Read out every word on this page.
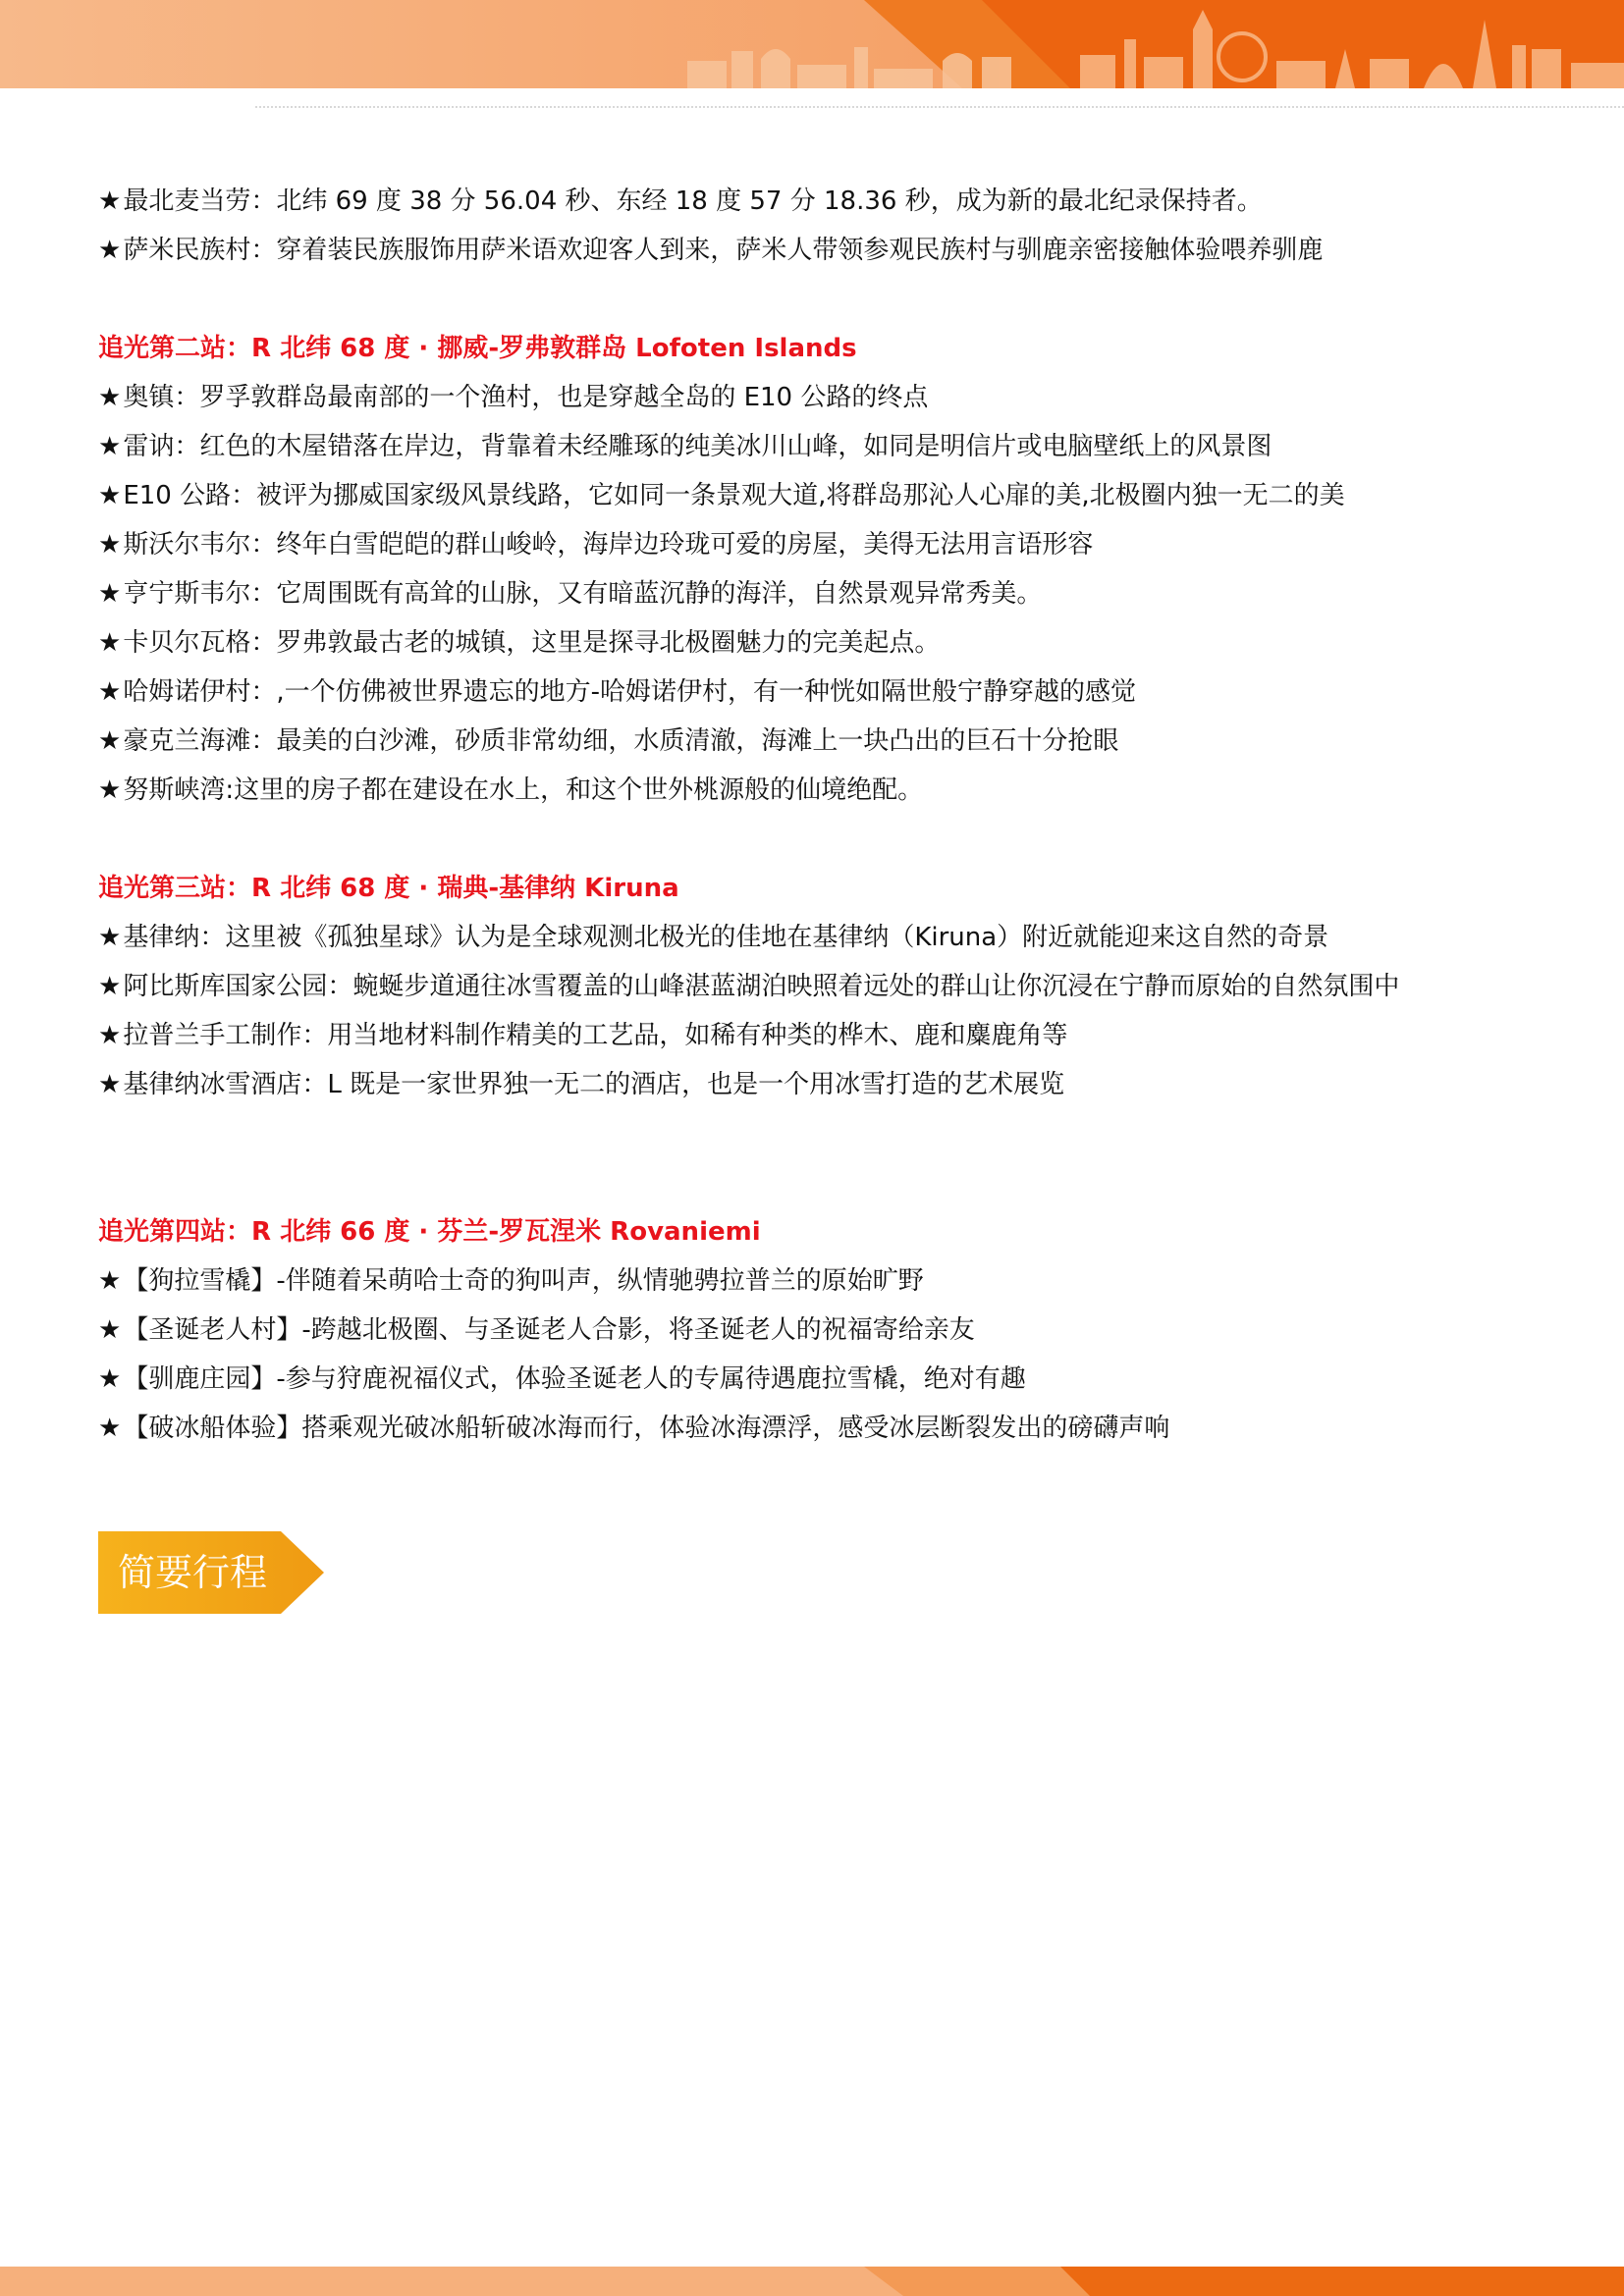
★最北麦当劳：北纬 69 度 38 分 56.04 秒、东经 18 度 57 分 18.36 秒，成为新的最北纪录保持者。
★萨米民族村：穿着装民族服饰用萨米语欢迎客人到来，萨米人带领参观民族村与驯鹿亲密接触体验喂养驯鹿
追光第二站：R 北纬 68 度 · 挪威-罗弗敦群岛 Lofoten Islands
★奥镇：罗孚敦群岛最南部的一个渔村，也是穿越全岛的 E10 公路的终点
★雷讷：红色的木屋错落在岸边，背靠着未经雕琢的纯美冰川山峰，如同是明信片或电脑壁纸上的风景图
★E10 公路：被评为挪威国家级风景线路，它如同一条景观大道,将群岛那沁人心扉的美,北极圈内独一无二的美
★斯沃尔韦尔：终年白雪皑皑的群山峻岭，海岸边玲珑可爱的房屋，美得无法用言语形容
★亨宁斯韦尔：它周围既有高耸的山脉，又有暗蓝沉静的海洋，自然景观异常秀美。
★卡贝尔瓦格：罗弗敦最古老的城镇，这里是探寻北极圈魅力的完美起点。
★哈姆诺伊村：,一个仿佛被世界遗忘的地方-哈姆诺伊村，有一种恍如隔世般宁静穿越的感觉
★豪克兰海滩：最美的白沙滩，砂质非常幼细，水质清澈，海滩上一块凸出的巨石十分抢眼
★努斯峡湾:这里的房子都在建设在水上，和这个世外桃源般的仙境绝配。
追光第三站：R 北纬 68 度 · 瑞典-基律纳 Kiruna
★基律纳：这里被《孤独星球》认为是全球观测北极光的佳地在基律纳（Kiruna）附近就能迎来这自然的奇景
★阿比斯库国家公园：蜿蜒步道通往冰雪覆盖的山峰湛蓝湖泊映照着远处的群山让你沉浸在宁静而原始的自然氛围中
★拉普兰手工制作：用当地材料制作精美的工艺品，如稀有种类的桦木、鹿和麋鹿角等
★基律纳冰雪酒店：L 既是一家世界独一无二的酒店，也是一个用冰雪打造的艺术展览
追光第四站：R 北纬 66 度 · 芬兰-罗瓦涅米 Rovaniemi
★【狗拉雪橇】-伴随着呆萌哈士奇的狗叫声，纵情驰骋拉普兰的原始旷野
★【圣诞老人村】-跨越北极圈、与圣诞老人合影，将圣诞老人的祝福寄给亲友
★【驯鹿庄园】-参与狩鹿祝福仪式，体验圣诞老人的专属待遇鹿拉雪橇，绝对有趣
★【破冰船体验】搭乘观光破冰船斩破冰海而行，体验冰海漂浮，感受冰层断裂发出的磅礴声响
简要行程
